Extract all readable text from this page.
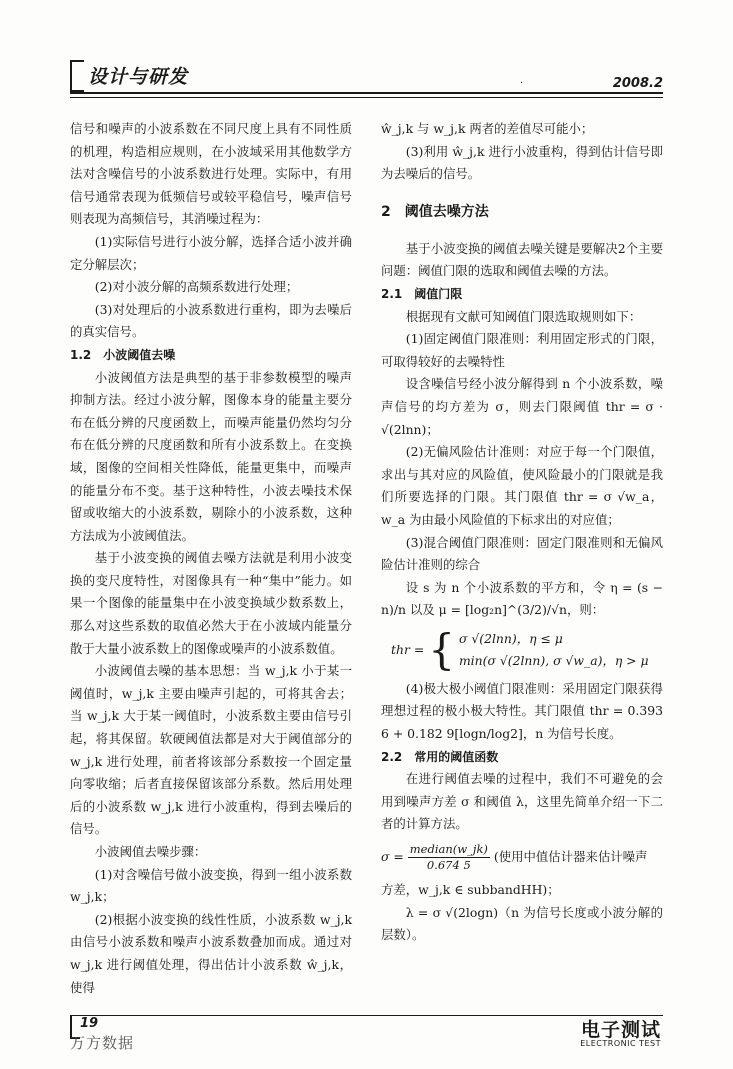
设计与研发	·	2008.2

信号和噪声的小波系数在不同尺度上具有不同性质的机理，构造相应规则，在小波域采用其他数学方法对含噪信号的小波系数进行处理。实际中，有用信号通常表现为低频信号或较平稳信号，噪声信号则表现为高频信号，其消噪过程为：

(1)实际信号进行小波分解，选择合适小波并确定分解层次；

(2)对小波分解的高频系数进行处理；

(3)对处理后的小波系数进行重构，即为去噪后的真实信号。

1.2 小波阈值去噪

小波阈值方法是典型的基于非参数模型的噪声抑制方法。经过小波分解，图像本身的能量主要分布在低分辨的尺度函数上，而噪声能量仍然均匀分布在低分辨的尺度函数和所有小波系数上。在变换域，图像的空间相关性降低，能量更集中，而噪声的能量分布不变。基于这种特性，小波去噪技术保留或收缩大的小波系数，剔除小的小波系数，这种方法成为小波阈值法。

基于小波变换的阈值去噪方法就是利用小波变换的变尺度特性，对图像具有一种“集中”能力。如果一个图像的能量集中在小波变换域少数系数上，那么对这些系数的取值必然大于在小波域内能量分散于大量小波系数上的图像或噪声的小波系数值。

小波阈值去噪的基本思想：当 w_j,k 小于某一阈值时，w_j,k 主要由噪声引起的，可将其舍去；当 w_j,k 大于某一阈值时，小波系数主要由信号引起，将其保留。软硬阈值法都是对大于阈值部分的 w_j,k 进行处理，前者将该部分系数按一个固定量向零收缩；后者直接保留该部分系数。然后用处理后的小波系数 w_j,k 进行小波重构，得到去噪后的信号。

小波阈值去噪步骤：

(1)对含噪信号做小波变换，得到一组小波系数 w_j,k；

(2)根据小波变换的线性性质，小波系数 w_j,k 由信号小波系数和噪声小波系数叠加而成。通过对 w_j,k 进行阈值处理，得出估计小波系数 ŵ_j,k，使得

ŵ_j,k 与 w_j,k 两者的差值尽可能小；

(3)利用 ŵ_j,k 进行小波重构，得到估计信号即为去噪后的信号。

2 阈值去噪方法

基于小波变换的阈值去噪关键是要解决2个主要问题：阈值门限的选取和阈值去噪的方法。

2.1 阈值门限

根据现有文献可知阈值门限选取规则如下：

(1)固定阈值门限准则：利用固定形式的门限，可取得较好的去噪特性

设含噪信号经小波分解得到 n 个小波系数，噪声信号的均方差为 σ，则去门限阈值 thr = σ · √(2lnn)；

(2)无偏风险估计准则：对应于每一个门限值，求出与其对应的风险值，使风险最小的门限就是我们所要选择的门限。其门限值 thr = σ √w_a，w_a 为由最小风险值的下标求出的对应值；

(3)混合阈值门限准则：固定门限准则和无偏风险估计准则的综合

设 s 为 n 个小波系数的平方和，令 η = (s − n)/n 以及 μ = [log₂n]^(3/2)/√n，则：

thr = { σ √(2lnn)，η ≤ μ
min(σ √(2lnn), σ √w_a)，η > μ

(4)极大极小阈值门限准则：采用固定门限获得理想过程的极小极大特性。其门限值 thr = 0.393 6 + 0.182 9[logn/log2]，n 为信号长度。

2.2 常用的阈值函数

在进行阈值去噪的过程中，我们不可避免的会用到噪声方差 σ 和阈值 λ，这里先简单介绍一下二者的计算方法。

$\sigma = \frac{\text{median(w\_jk)}}{0.674 5}$ (使用中值估计器来估计噪声

方差，w_j,k ∈ subbandHH)；

λ = σ √(2logn)（n 为信号长度或小波分解的层数）。

19
万方数据
电子测试
ELECTRONIC TEST
